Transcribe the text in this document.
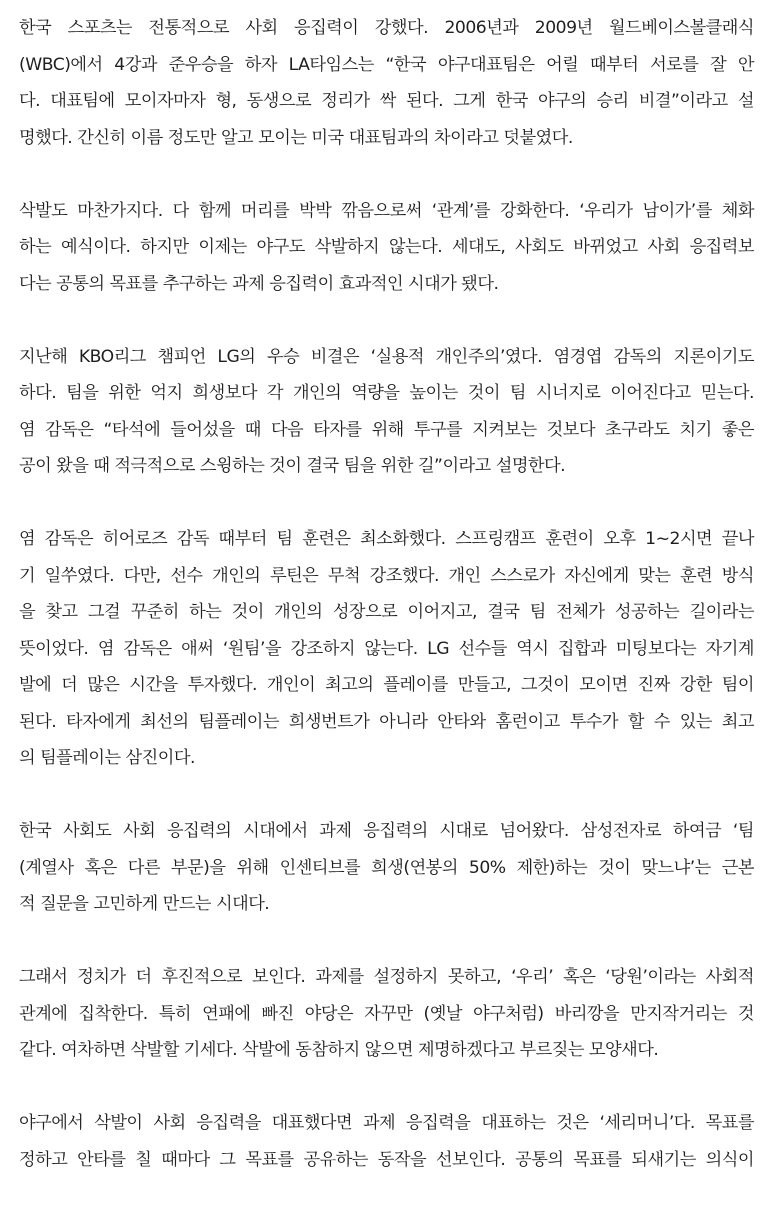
한국 스포츠는 전통적으로 사회 응집력이 강했다. 2006년과 2009년 월드베이스볼클래식
(WBC)에서 4강과 준우승을 하자 LA타임스는 “한국 야구대표팀은 어릴 때부터 서로를 잘 안
다. 대표팀에 모이자마자 형, 동생으로 정리가 싹 된다. 그게 한국 야구의 승리 비결”이라고 설
명했다. 간신히 이름 정도만 알고 모이는 미국 대표팀과의 차이라고 덧붙였다.

삭발도 마찬가지다. 다 함께 머리를 박박 깎음으로써 ‘관계’를 강화한다. ‘우리가 남이가’를 체화
하는 예식이다. 하지만 이제는 야구도 삭발하지 않는다. 세대도, 사회도 바뀌었고 사회 응집력보
다는 공통의 목표를 추구하는 과제 응집력이 효과적인 시대가 됐다.

지난해 KBO리그 챔피언 LG의 우승 비결은 ‘실용적 개인주의’였다. 염경엽 감독의 지론이기도
하다. 팀을 위한 억지 희생보다 각 개인의 역량을 높이는 것이 팀 시너지로 이어진다고 믿는다.
염 감독은 “타석에 들어섰을 때 다음 타자를 위해 투구를 지켜보는 것보다 초구라도 치기 좋은
공이 왔을 때 적극적으로 스윙하는 것이 결국 팀을 위한 길”이라고 설명한다.

염 감독은 히어로즈 감독 때부터 팀 훈련은 최소화했다. 스프링캠프 훈련이 오후 1~2시면 끝나
기 일쑤였다. 다만, 선수 개인의 루틴은 무척 강조했다. 개인 스스로가 자신에게 맞는 훈련 방식
을 찾고 그걸 꾸준히 하는 것이 개인의 성장으로 이어지고, 결국 팀 전체가 성공하는 길이라는
뜻이었다. 염 감독은 애써 ‘원팀’을 강조하지 않는다. LG 선수들 역시 집합과 미팅보다는 자기계
발에 더 많은 시간을 투자했다. 개인이 최고의 플레이를 만들고, 그것이 모이면 진짜 강한 팀이
된다. 타자에게 최선의 팀플레이는 희생번트가 아니라 안타와 홈런이고 투수가 할 수 있는 최고
의 팀플레이는 삼진이다.

한국 사회도 사회 응집력의 시대에서 과제 응집력의 시대로 넘어왔다. 삼성전자로 하여금 ‘팀
(계열사 혹은 다른 부문)을 위해 인센티브를 희생(연봉의 50% 제한)하는 것이 맞느냐’는 근본
적 질문을 고민하게 만드는 시대다.

그래서 정치가 더 후진적으로 보인다. 과제를 설정하지 못하고, ‘우리’ 혹은 ‘당원’이라는 사회적
관계에 집착한다. 특히 연패에 빠진 야당은 자꾸만 (옛날 야구처럼) 바리깡을 만지작거리는 것
같다. 여차하면 삭발할 기세다. 삭발에 동참하지 않으면 제명하겠다고 부르짖는 모양새다.

야구에서 삭발이 사회 응집력을 대표했다면 과제 응집력을 대표하는 것은 ‘세리머니’다. 목표를
정하고 안타를 칠 때마다 그 목표를 공유하는 동작을 선보인다. 공통의 목표를 되새기는 의식이
